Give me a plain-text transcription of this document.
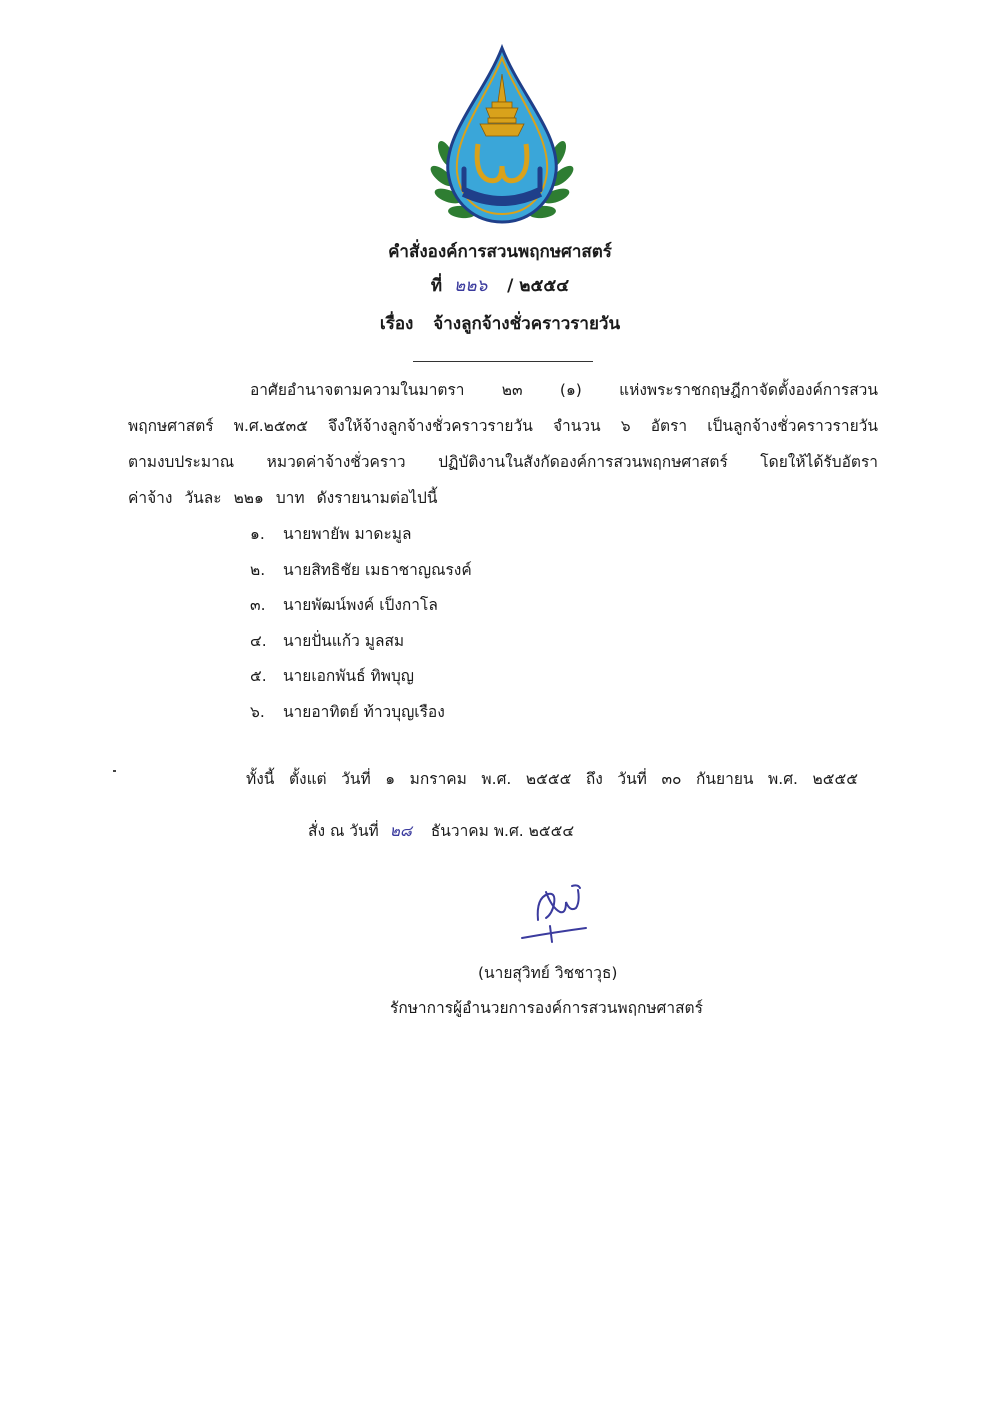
คำสั่งองค์การสวนพฤกษศาสตร์
ที่ ๒๒๖ / ๒๕๕๔
เรื่อง จ้างลูกจ้างชั่วคราวรายวัน
อาศัยอำนาจตามความในมาตรา ๒๓ (๑) แห่งพระราชกฤษฎีกาจัดตั้งองค์การสวน
พฤกษศาสตร์ พ.ศ.๒๕๓๕ จึงให้จ้างลูกจ้างชั่วคราวรายวัน จำนวน ๖ อัตรา เป็นลูกจ้างชั่วคราวรายวัน
ตามงบประมาณ หมวดค่าจ้างชั่วคราว ปฏิบัติงานในสังกัดองค์การสวนพฤกษศาสตร์ โดยให้ได้รับอัตรา
ค่าจ้าง วันละ ๒๒๑ บาท ดังรายนามต่อไปนี้
๑. นายพายัพ มาดะมูล
๒. นายสิทธิชัย เมธาชาญณรงค์
๓. นายพัฒน์พงค์ เป็งกาโล
๔. นายปั่นแก้ว มูลสม
๕. นายเอกพันธ์ ทิพบุญ
๖. นายอาทิตย์ ท้าวบุญเรือง
ทั้งนี้ ตั้งแต่ วันที่ ๑ มกราคม พ.ศ. ๒๕๕๕ ถึง วันที่ ๓๐ กันยายน พ.ศ. ๒๕๕๕
สั่ง ณ วันที่ ๒๘ ธันวาคม พ.ศ. ๒๕๕๔
(นายสุวิทย์ วิชชาวุธ)
รักษาการผู้อำนวยการองค์การสวนพฤกษศาสตร์
